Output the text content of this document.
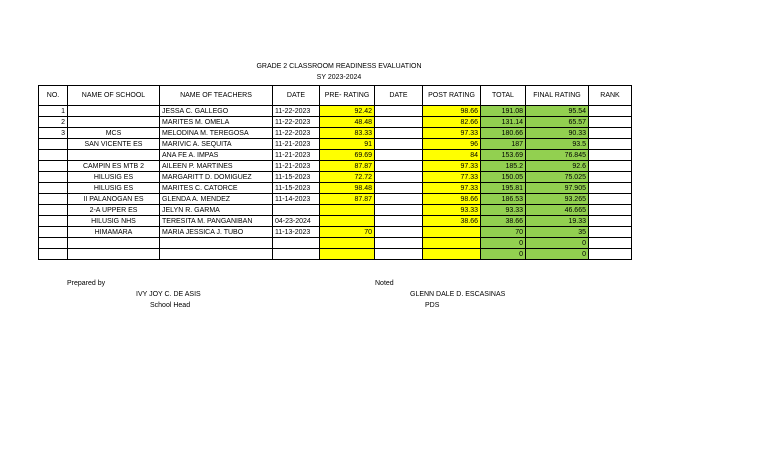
GRADE 2 CLASSROOM READINESS EVALUATION
SY 2023-2024
NO.	NAME OF SCHOOL	NAME OF TEACHERS	DATE	PRE- RATING	DATE	POST RATING	TOTAL	FINAL RATING	RANK
1		JESSA C. GALLEGO	11-22-2023	92.42		98.66	191.08	95.54	
2		MARITES M. OMELA	11-22-2023	48.48		82.66	131.14	65.57	
3	MCS	MELODINA M. TEREGOSA	11-22-2023	83.33		97.33	180.66	90.33	
	SAN VICENTE ES	MARIVIC A. SEQUITA	11-21-2023	91		96	187	93.5	
		ANA FE A. IMPAS	11-21-2023	69.69		84	153.69	76.845	
	CAMPIN ES MTB 2	AILEEN P. MARTINES	11-21-2023	87.87		97.33	185.2	92.6	
	HILUSIG ES	MARGARITT D. DOMIGUEZ	11-15-2023	72.72		77.33	150.05	75.025	
	HILUSIG ES	MARITES C. CATORCE	11-15-2023	98.48		97.33	195.81	97.905	
	II PALANOGAN ES	GLENDA A. MENDEZ	11-14-2023	87.87		98.66	186.53	93.265	
	2-A UPPER ES	JELYN R. GARMA				93.33	93.33	46.665	
	HILUSIG NHS	TERESITA M. PANGANIBAN	04-23-2024			38.66	38.66	19.33	
	HIMAMARA	MARIA JESSICA J. TUBO	11-13-2023	70			70	35	
							0	0	
							0	0	
Prepared by
IVY JOY C. DE ASIS
School Head
Noted
GLENN DALE D. ESCASINAS
PDS
